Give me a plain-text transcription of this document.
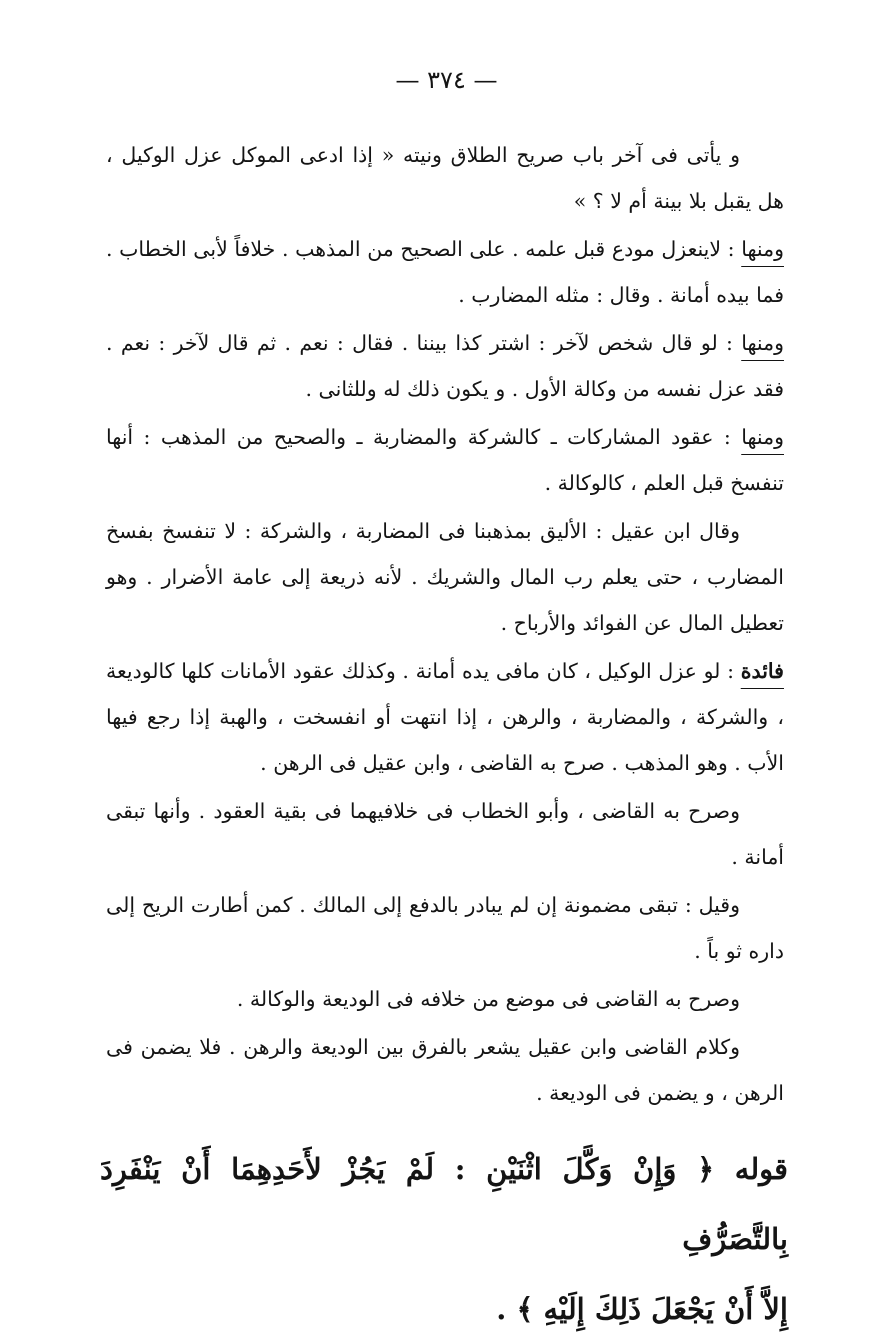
— ٣٧٤ —

و يأتى فى آخر باب صريح الطلاق ونيته « إذا ادعى الموكل عزل الوكيل ، هل يقبل بلا بينة أم لا ؟ »

ومنها : لاينعزل مودع قبل علمه . على الصحيح من المذهب . خلافاً لأبى الخطاب . فما بيده أمانة . وقال : مثله المضارب .

ومنها : لو قال شخص لآخر : اشتر كذا بيننا . فقال : نعم . ثم قال لآخر : نعم . فقد عزل نفسه من وكالة الأول . و يكون ذلك له وللثانى .

ومنها : عقود المشاركات ـ كالشركة والمضاربة ـ والصحيح من المذهب : أنها تنفسخ قبل العلم ، كالوكالة .

وقال ابن عقيل : الأليق بمذهبنا فى المضاربة ، والشركة : لا تنفسخ بفسخ المضارب ، حتى يعلم رب المال والشريك . لأنه ذريعة إلى عامة الأضرار . وهو تعطيل المال عن الفوائد والأرباح .

فائدة : لو عزل الوكيل ، كان مافى يده أمانة . وكذلك عقود الأمانات كلها كالوديعة ، والشركة ، والمضاربة ، والرهن ، إذا انتهت أو انفسخت ، والهبة إذا رجع فيها الأب . وهو المذهب . صرح به القاضى ، وابن عقيل فى الرهن .

وصرح به القاضى ، وأبو الخطاب فى خلافيهما فى بقية العقود . وأنها تبقى أمانة .

وقيل : تبقى مضمونة إن لم يبادر بالدفع إلى المالك . كمن أطارت الريح إلى داره ثو باً .

وصرح به القاضى فى موضع من خلافه فى الوديعة والوكالة .

وكلام القاضى وابن عقيل يشعر بالفرق بين الوديعة والرهن . فلا يضمن فى الرهن ، و يضمن فى الوديعة .

قوله ﴿ وَإِنْ وَكَّلَ اثْنَيْنِ : لَمْ يَجُزْ لأَحَدِهِمَا أَنْ يَنْفَرِدَ بِالتَّصَرُّفِ
إِلاَّ أَنْ يَجْعَلَ ذَلِكَ إِلَيْهِ ﴾ .
